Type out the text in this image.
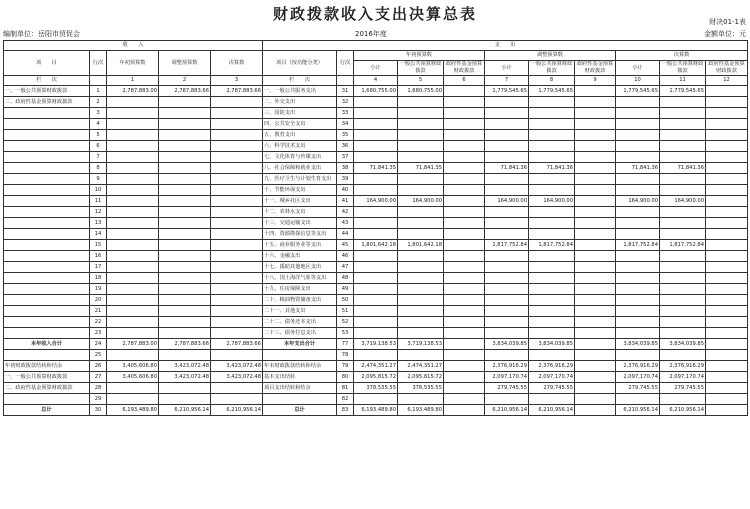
财政拨款收入支出决算总表	财决01-1表
编制单位：岳阳市贸促会	2016年度	金额单位：元
收　　入					支　　出										
项　　目	行次	年初预算数	调整预算数	决算数	项目（按功能分类）	行次	年初预算数			调整预算数			决算数		
							小计	一般公共预算财政拨款	政府性基金预算财政拨款	小计	一般公共预算财政拨款	政府性基金预算财政拨款	小计	一般公共预算财政拨款	政府性基金预算财政拨款

栏　　次		1	2	3	栏　　次		4	5	6	7	8	9	10	11	12
一、一般公共预算财政拨款	1	2,787,883.00	2,787,883.66	2,787,883.66	一、一般公共服务支出	31	1,680,755.00	1,680,755.00		1,779,545.65	1,779,545.65		1,779,545.65	1,779,545.65	
二、政府性基金预算财政拨款	2				二、外交支出	32									
	3				三、国防支出	33									
	4				四、公共安全支出	34									
	5				五、教育支出	35									
	6				六、科学技术支出	36									
	7				七、文化体育与传媒支出	37									
	8				八、社会保障和就业支出	38	71,841.35	71,841.35		71,841.36	71,841.36		71,841.36	71,841.36	
	9				九、医疗卫生与计划生育支出	39									
	10				十、节能环保支出	40									
	11				十一、城乡社区支出	41	164,900.00	164,900.00		164,900.00	164,900.00		164,900.00	164,900.00	
	12				十二、农林水支出	42									
	13				十三、交通运输支出	43									
	14				十四、资源勘探信息等支出	44									
	15				十五、商业服务业等支出	45	1,801,642.18	1,801,642.18		1,817,752.84	1,817,752.84		1,817,752.84	1,817,752.84	
	16				十六、金融支出	46									
	17				十七、援助其他地区支出	47									
	18				十八、国土海洋气象等支出	48									
	19				十九、住房保障支出	49									
	20				二十、粮油物资储备支出	50									
	21				二十一、其他支出	51									
	22				二十二、债务还本支出	52									
	23				二十三、债务付息支出	53									
本年收入合计	24	2,787,883.00	2,787,883.66	2,787,883.66	本年支出合计	77	3,719,138.53	3,719,138.53		3,834,039.85	3,834,039.85		3,834,039.85	3,834,039.85	
	25					78									
年初财政拨款结转和结余	26	3,405,606.80	3,423,072.48	3,423,072.48	年末财政拨款结转和结余	79	2,474,351.27	2,474,351.27		2,376,916.29	2,376,916.29		2,376,916.29	2,376,916.29	
一、一般公共预算财政拨款	27	3,405,606.80	3,423,072.48	3,423,072.48	基本支出结转	80	2,095,815.72	2,095,815.72		2,097,170.74	2,097,170.74		2,097,170.74	2,097,170.74	
二、政府性基金预算财政拨款	28				项目支出结转和结余	81	378,535.55	378,535.55		279,745.55	279,745.55		279,745.55	279,745.55	
	29					82									
总计	30	6,193,489.80	6,210,956.14	6,210,956.14	总计	83	6,193,489.80	6,193,489.80		6,210,956.14	6,210,956.14		6,210,956.14	6,210,956.14	
